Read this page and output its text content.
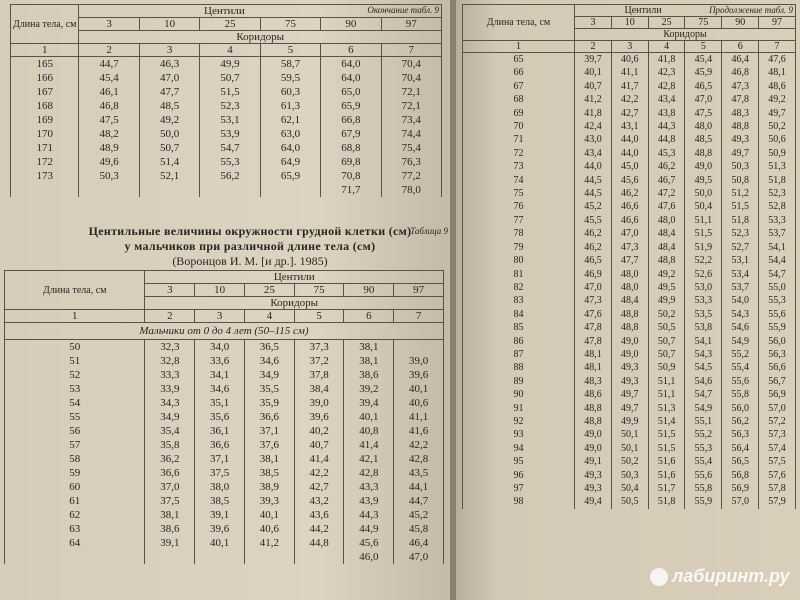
Длина тела, см	Центили Окончание табл. 9					

	3	10	25	75	90	97
	Коридоры					
1	2	3	4	5	6	7
165	44,7	46,3	49,9	58,7	64,0	70,4
166	45,4	47,0	50,7	59,5	64,0	70,4
167	46,1	47,7	51,5	60,3	65,0	72,1
168	46,8	48,5	52,3	61,3	65,9	72,1
169	47,5	49,2	53,1	62,1	66,8	73,4
170	48,2	50,0	53,9	63,0	67,9	74,4
171	48,9	50,7	54,7	64,0	68,8	75,4
172	49,6	51,4	55,3	64,9	69,8	76,3
173	50,3	52,1	56,2	65,9	70,8	77,2
					71,7	78,0
Таблица 9
Центильные величины окружности грудной клетки (см)
у мальчиков при различной длине тела (см)
(Воронцов И. М. [и др.]. 1985)
Длина тела, см	Центили					
	3	10	25	75	90	97
	Коридоры					
1	2	3	4	5	6	7
Мальчики от 0 до 4 лет (50–115 см)						
50	32,3	34,0	36,5	37,3	38,1	
51	32,8	33,6	34,6	37,2	38,1	39,0
52	33,3	34,1	34,9	37,8	38,6	39,6
53	33,9	34,6	35,5	38,4	39,2	40,1
54	34,3	35,1	35,9	39,0	39,4	40,6
55	34,9	35,6	36,6	39,6	40,1	41,1
56	35,4	36,1	37,1	40,2	40,8	41,6
57	35,8	36,6	37,6	40,7	41,4	42,2
58	36,2	37,1	38,1	41,4	42,1	42,8
59	36,6	37,5	38,5	42,2	42,8	43,5
60	37,0	38,0	38,9	42,7	43,3	44,1
61	37,5	38,5	39,3	43,2	43,9	44,7
62	38,1	39,1	40,1	43,6	44,3	45,2
63	38,6	39,6	40,6	44,2	44,9	45,8
64	39,1	40,1	41,2	44,8	45,6	46,4
					46,0	47,0
Длина тела, см	Центили Продолжение табл. 9					

	3	10	25	75	90	97
	Коридоры					
1	2	3	4	5	6	7
65	39,7	40,6	41,8	45,4	46,4	47,6
66	40,1	41,1	42,3	45,9	46,8	48,1
67	40,7	41,7	42,8	46,5	47,3	48,6
68	41,2	42,2	43,4	47,0	47,8	49,2
69	41,8	42,7	43,8	47,5	48,3	49,7
70	42,4	43,1	44,3	48,0	48,8	50,2
71	43,0	44,0	44,8	48,5	49,3	50,6
72	43,4	44,0	45,3	48,8	49,7	50,9
73	44,0	45,0	46,2	49,0	50,3	51,3
74	44,5	45,6	46,7	49,5	50,8	51,8
75	44,5	46,2	47,2	50,0	51,2	52,3
76	45,2	46,6	47,6	50,4	51,5	52,8
77	45,5	46,6	48,0	51,1	51,8	53,3
78	46,2	47,0	48,4	51,5	52,3	53,7
79	46,2	47,3	48,4	51,9	52,7	54,1
80	46,5	47,7	48,8	52,2	53,1	54,4
81	46,9	48,0	49,2	52,6	53,4	54,7
82	47,0	48,0	49,5	53,0	53,7	55,0
83	47,3	48,4	49,9	53,3	54,0	55,3
84	47,6	48,8	50,2	53,5	54,3	55,6
85	47,8	48,8	50,5	53,8	54,6	55,9
86	47,8	49,0	50,7	54,1	54,9	56,0
87	48,1	49,0	50,7	54,3	55,2	56,3
88	48,1	49,3	50,9	54,5	55,4	56,6
89	48,3	49,3	51,1	54,6	55,6	56,7
90	48,6	49,7	51,1	54,7	55,8	56,9
91	48,8	49,7	51,3	54,9	56,0	57,0
92	48,8	49,9	51,4	55,1	56,2	57,2
93	49,0	50,1	51,5	55,2	56,3	57,3
94	49,0	50,1	51,5	55,3	56,4	57,4
95	49,1	50,2	51,6	55,4	56,5	57,5
96	49,3	50,3	51,6	55,6	56,8	57,6
97	49,3	50,4	51,7	55,8	56,9	57,8
98	49,4	50,5	51,8	55,9	57,0	57,9
лабиринт.ру
